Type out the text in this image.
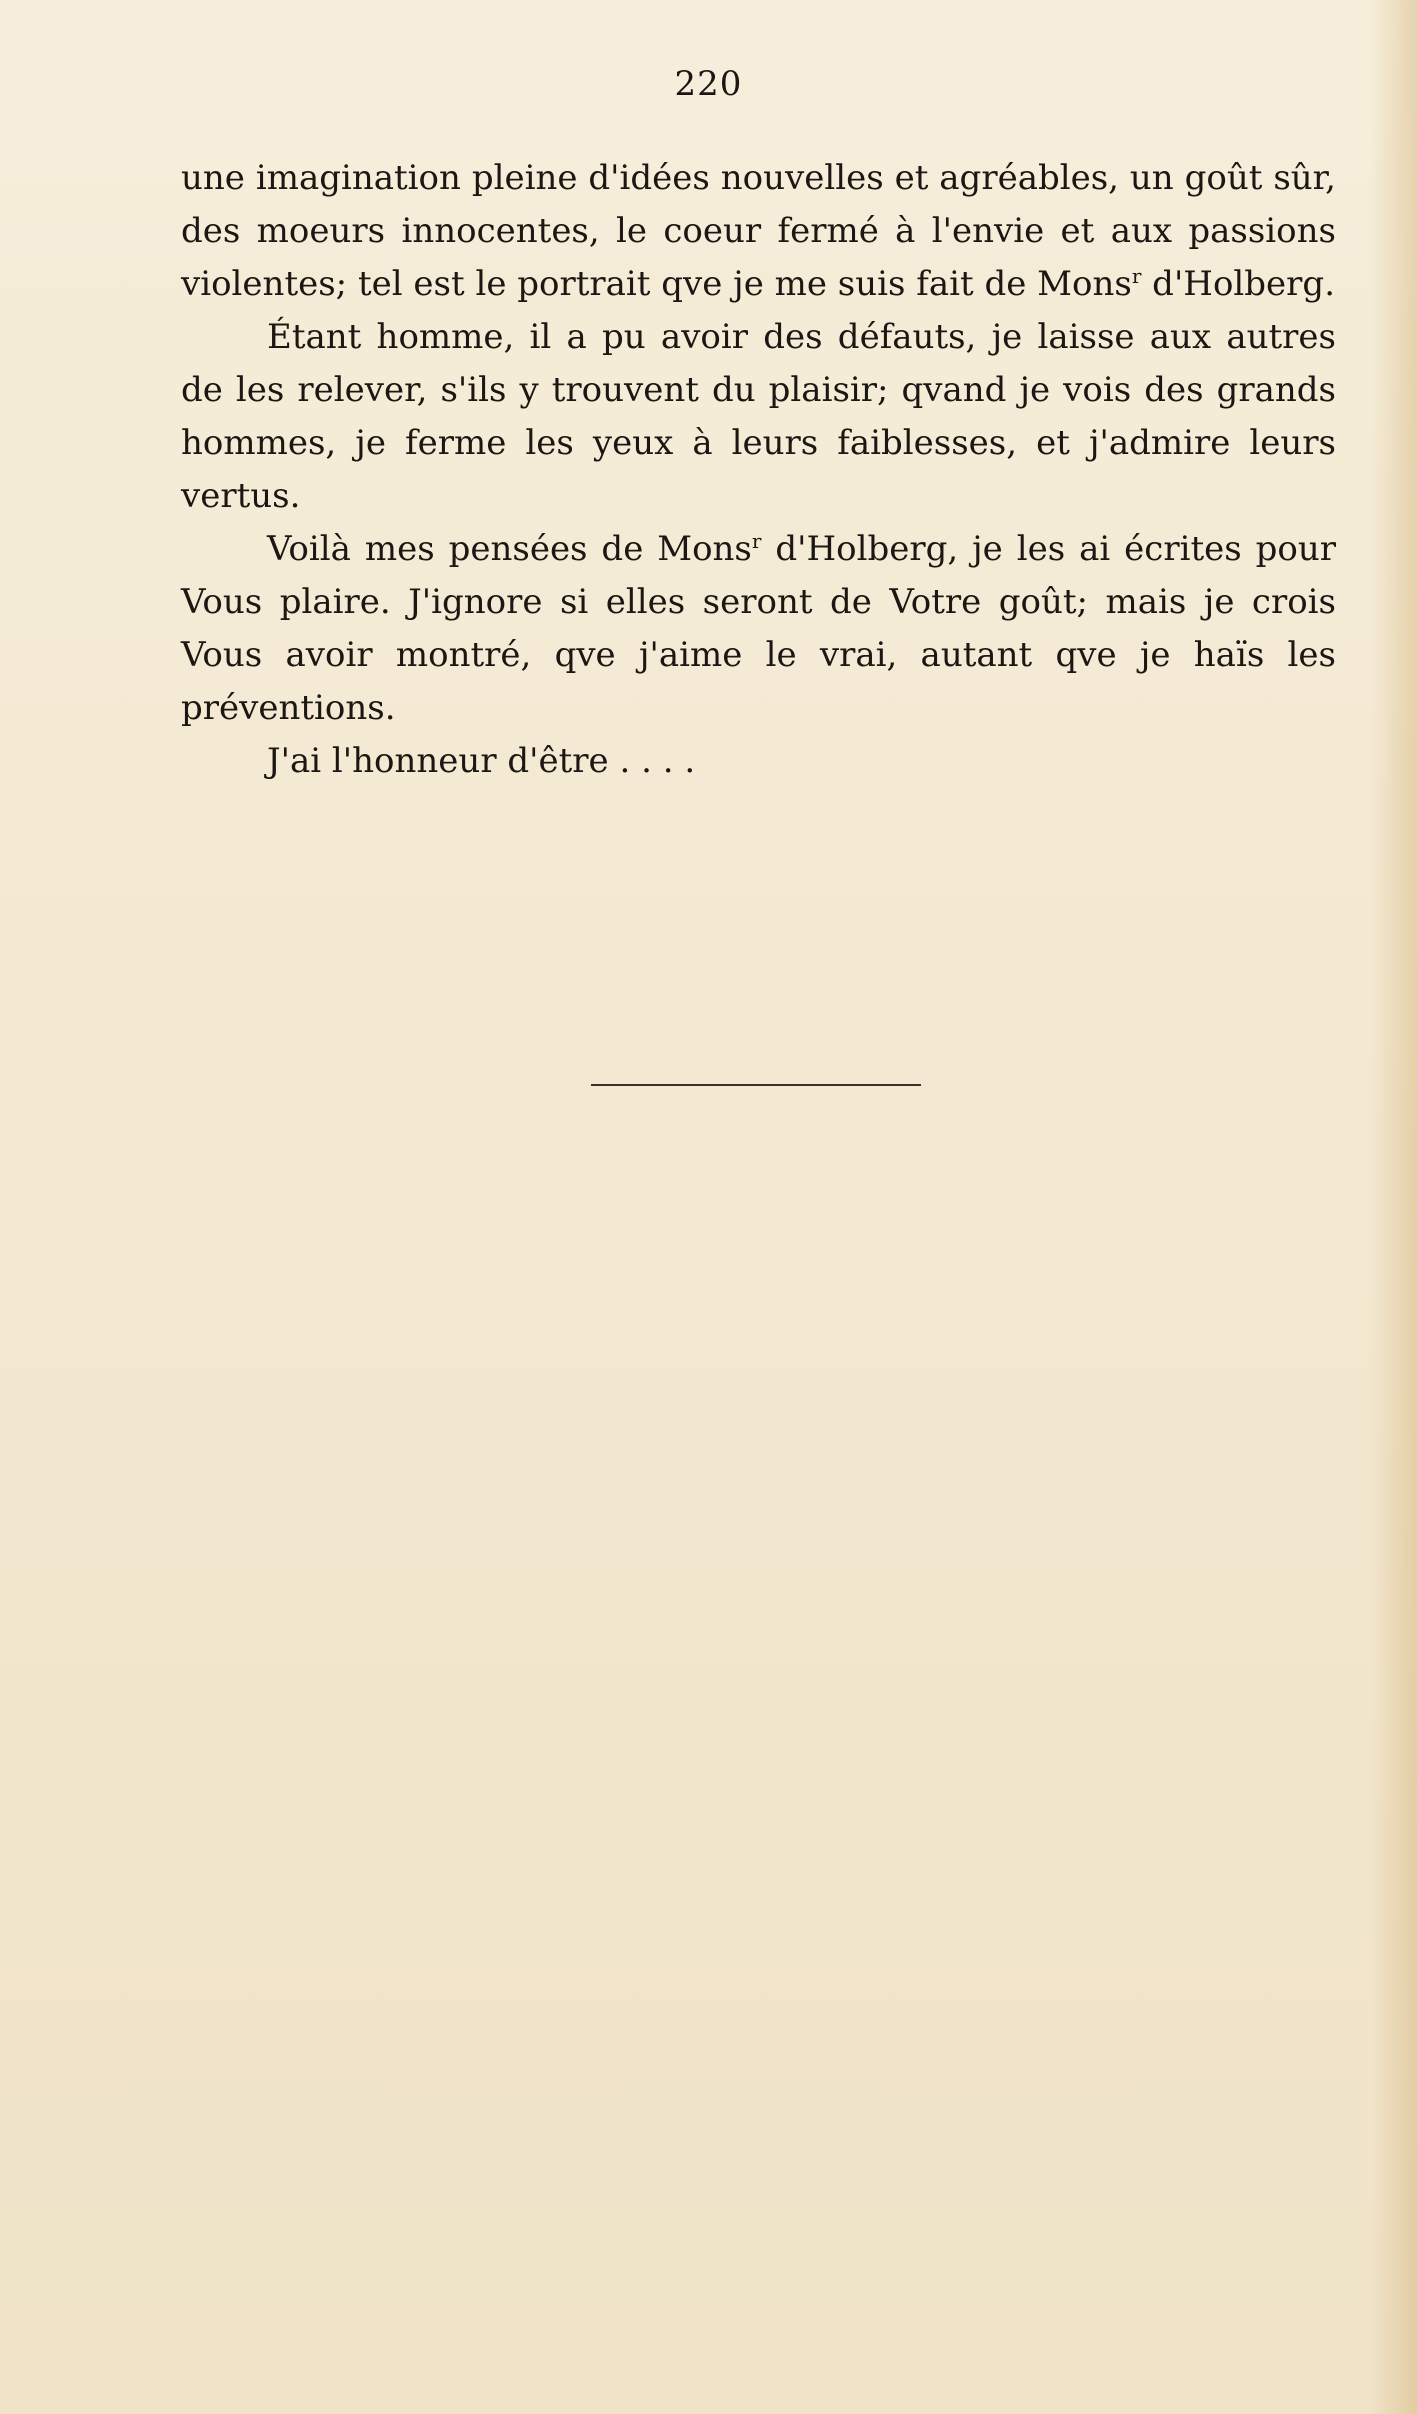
220

une imagination pleine d'idées nouvelles et agréables, un goût sûr, des moeurs innocentes, le coeur fermé à l'envie et aux passions violentes; tel est le portrait qve je me suis fait de Mons$^r$ d'Holberg.

Étant homme, il a pu avoir des défauts, je laisse aux autres de les relever, s'ils y trouvent du plaisir; qvand je vois des grands hommes, je ferme les yeux à leurs faiblesses, et j'admire leurs vertus.

Voilà mes pensées de Mons$^r$ d'Holberg, je les ai écrites pour Vous plaire. J'ignore si elles seront de Votre goût; mais je crois Vous avoir montré, qve j'aime le vrai, autant qve je haïs les préventions.

J'ai l'honneur d'être . . . .
